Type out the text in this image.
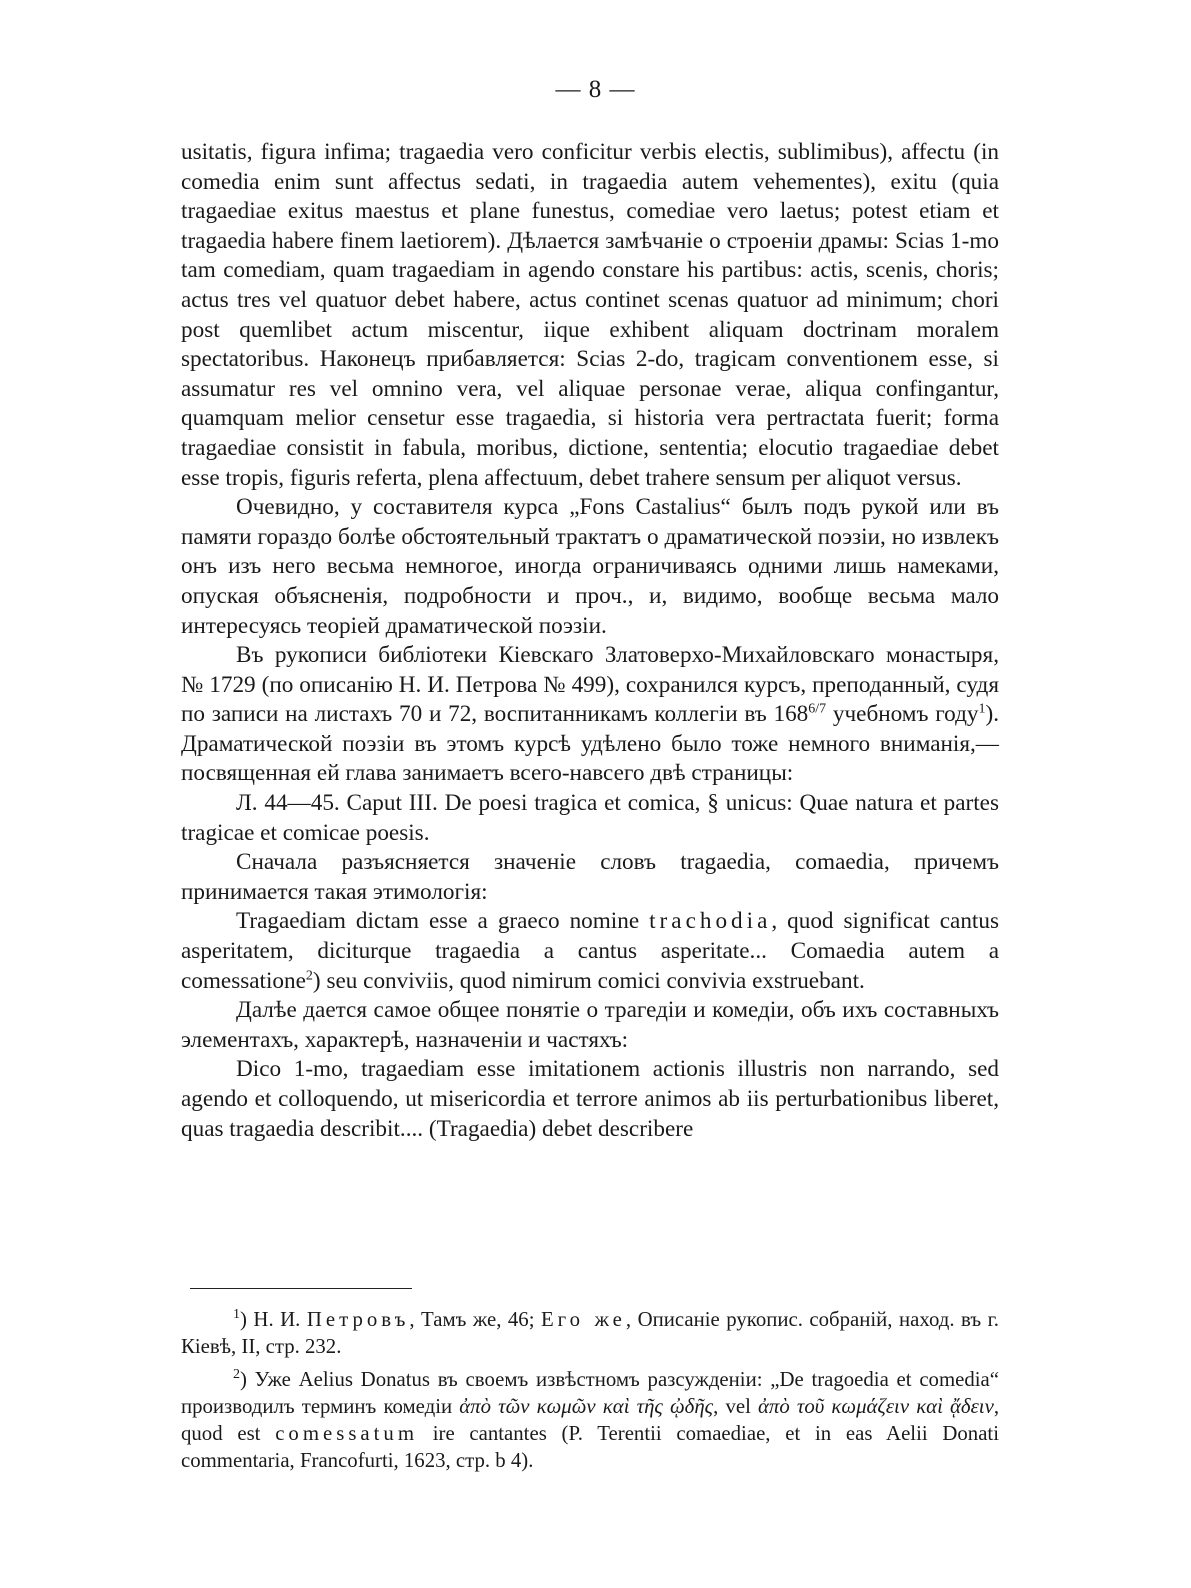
— 8 —

usitatis, figura infima; tragaedia vero conficitur verbis electis, sublimibus), affectu (in comedia enim sunt affectus sedati, in tragaedia autem vehementes), exitu (quia tragaediae exitus maestus et plane funestus, comediae vero laetus; potest etiam et tragaedia habere finem laetiorem). Дѣлается замѣчаніе о строеніи драмы: Scias 1-mo tam comediam, quam tragaediam in agendo constare his partibus: actis, scenis, choris; actus tres vel quatuor debet habere, actus continet scenas quatuor ad minimum; chori post quemlibet actum miscentur, iique exhibent aliquam doctrinam moralem spectatoribus. Наконецъ прибавляется: Scias 2-do, tragicam conventionem esse, si assumatur res vel omnino vera, vel aliquae personae verae, aliqua confingantur, quamquam melior censetur esse tragaedia, si historia vera pertractata fuerit; forma tragaediae consistit in fabula, moribus, dictione, sententia; elocutio tragaediae debet esse tropis, figuris referta, plena affectuum, debet trahere sensum per aliquot versus.

Очевидно, у составителя курса „Fons Castalius“ былъ подъ рукой или въ памяти гораздо болѣе обстоятельный трактатъ о драматической поэзіи, но извлекъ онъ изъ него весьма немногое, иногда ограничиваясь одними лишь намеками, опуская объясненія, подробности и проч., и, видимо, вообще весьма мало интересуясь теоріей драматической поэзіи.

Въ рукописи библіотеки Кіевскаго Златоверхо-Михайловскаго монастыря, № 1729 (по описанію Н. И. Петрова № 499), сохранился курсъ, преподанный, судя по записи на листахъ 70 и 72, воспитанникамъ коллегіи въ $168^{6/7}$ учебномъ году$^1$). Драматической поэзіи въ этомъ курсѣ удѣлено было тоже немного вниманія,—посвященная ей глава занимаетъ всего-навсего двѣ страницы:

Л. 44—45. Caput III. De poesi tragica et comica, § unicus: Quae natura et partes tragicae et comicae poesis.

Сначала разъясняется значеніе словъ tragaedia, comaedia, причемъ принимается такая этимологія:

Tragaediam dictam esse a graeco nomine trachodia, quod significat cantus asperitatem, diciturque tragaedia a cantus asperitate... Comaedia autem a comessatione$^2$) seu conviviis, quod nimirum comici convivia exstruebant.

Далѣе дается самое общее понятіе о трагедіи и комедіи, объ ихъ составныхъ элементахъ, характерѣ, назначеніи и частяхъ:

Dico 1-mo, tragaediam esse imitationem actionis illustris non narrando, sed agendo et colloquendo, ut misericordia et terrore animos ab iis perturbationibus liberet, quas tragaedia describit.... (Tragaedia) debet describere

$^1$) Н. И. Петровъ, Тамъ же, 46; Его же, Описаніе рукопис. собраній, наход. въ г. Кіевѣ, II, стр. 232.

$^2$) Уже Aelius Donatus въ своемъ извѣстномъ разсужденіи: „De tragoedia et comedia“ производилъ терминъ комедіи ἀπὸ τῶν κωμῶν καὶ τῆς ᾠδῆς, vel ἀπὸ τοῦ κωμάζειν καὶ ᾄδειν, quod est comessatum ire cantantes (P. Terentii comaediae, et in eas Aelii Donati commentaria, Francofurti, 1623, стр. b 4).
